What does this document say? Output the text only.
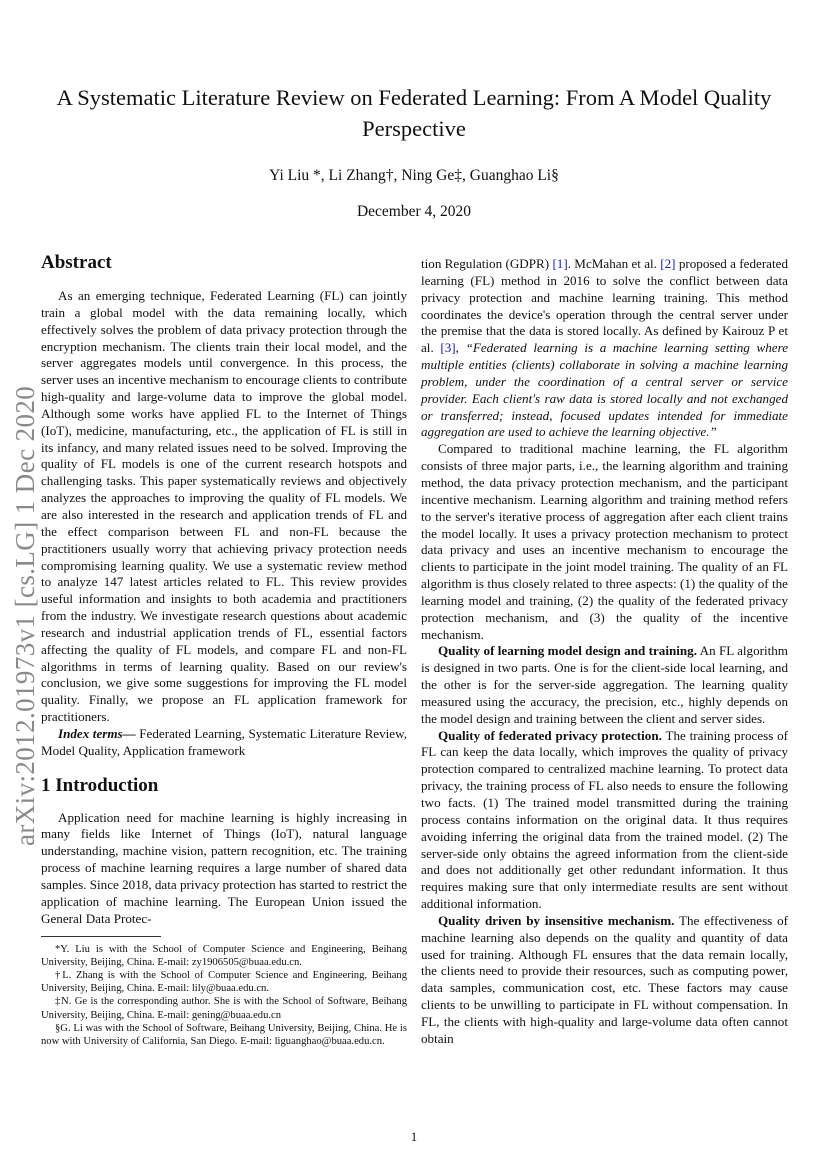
arXiv:2012.01973v1 [cs.LG] 1 Dec 2020
A Systematic Literature Review on Federated Learning: From A Model Quality Perspective
Yi Liu *, Li Zhang†, Ning Ge‡, Guanghao Li§
December 4, 2020
Abstract

As an emerging technique, Federated Learning (FL) can jointly train a global model with the data remaining locally, which effectively solves the problem of data privacy protection through the encryption mechanism. The clients train their local model, and the server aggregates models until convergence. In this process, the server uses an incentive mechanism to encourage clients to contribute high-quality and large-volume data to improve the global model. Although some works have applied FL to the Internet of Things (IoT), medicine, manufacturing, etc., the application of FL is still in its infancy, and many related issues need to be solved. Improving the quality of FL models is one of the current research hotspots and challenging tasks. This paper systematically reviews and objectively analyzes the approaches to improving the quality of FL models. We are also interested in the research and application trends of FL and the effect comparison between FL and non-FL because the practitioners usually worry that achieving privacy protection needs compromising learning quality. We use a systematic review method to analyze 147 latest articles related to FL. This review provides useful information and insights to both academia and practitioners from the industry. We investigate research questions about academic research and industrial application trends of FL, essential factors affecting the quality of FL models, and compare FL and non-FL algorithms in terms of learning quality. Based on our review's conclusion, we give some suggestions for improving the FL model quality. Finally, we propose an FL application framework for practitioners.

Index terms— Federated Learning, Systematic Literature Review, Model Quality, Application framework

1 Introduction

Application need for machine learning is highly increasing in many fields like Internet of Things (IoT), natural language understanding, machine vision, pattern recognition, etc. The training process of machine learning requires a large number of shared data samples. Since 2018, data privacy protection has started to restrict the application of machine learning. The European Union issued the General Data Protec-

*Y. Liu is with the School of Computer Science and Engineering, Beihang University, Beijing, China. E-mail: zy1906505@buaa.edu.cn.

†L. Zhang is with the School of Computer Science and Engineering, Beihang University, Beijing, China. E-mail: lily@buaa.edu.cn.

‡N. Ge is the corresponding author. She is with the School of Software, Beihang University, Beijing, China. E-mail: gening@buaa.edu.cn

§G. Li was with the School of Software, Beihang University, Beijing, China. He is now with University of California, San Diego. E-mail: liguanghao@buaa.edu.cn.

tion Regulation (GDPR) [1]. McMahan et al. [2] proposed a federated learning (FL) method in 2016 to solve the conflict between data privacy protection and machine learning training. This method coordinates the device's operation through the central server under the premise that the data is stored locally. As defined by Kairouz P et al. [3], “Federated learning is a machine learning setting where multiple entities (clients) collaborate in solving a machine learning problem, under the coordination of a central server or service provider. Each client's raw data is stored locally and not exchanged or transferred; instead, focused updates intended for immediate aggregation are used to achieve the learning objective.”

Compared to traditional machine learning, the FL algorithm consists of three major parts, i.e., the learning algorithm and training method, the data privacy protection mechanism, and the participant incentive mechanism. Learning algorithm and training method refers to the server's iterative process of aggregation after each client trains the model locally. It uses a privacy protection mechanism to protect data privacy and uses an incentive mechanism to encourage the clients to participate in the joint model training. The quality of an FL algorithm is thus closely related to three aspects: (1) the quality of the learning model and training, (2) the quality of the federated privacy protection mechanism, and (3) the quality of the incentive mechanism.

Quality of learning model design and training. An FL algorithm is designed in two parts. One is for the client-side local learning, and the other is for the server-side aggregation. The learning quality measured using the accuracy, the precision, etc., highly depends on the model design and training between the client and server sides.

Quality of federated privacy protection. The training process of FL can keep the data locally, which improves the quality of privacy protection compared to centralized machine learning. To protect data privacy, the training process of FL also needs to ensure the following two facts. (1) The trained model transmitted during the training process contains information on the original data. It thus requires avoiding inferring the original data from the trained model. (2) The server-side only obtains the agreed information from the client-side and does not additionally get other redundant information. It thus requires making sure that only intermediate results are sent without additional information.

Quality driven by insensitive mechanism. The effectiveness of machine learning also depends on the quality and quantity of data used for training. Although FL ensures that the data remain locally, the clients need to provide their resources, such as computing power, data samples, communication cost, etc. These factors may cause clients to be unwilling to participate in FL without compensation. In FL, the clients with high-quality and large-volume data often cannot obtain

1
